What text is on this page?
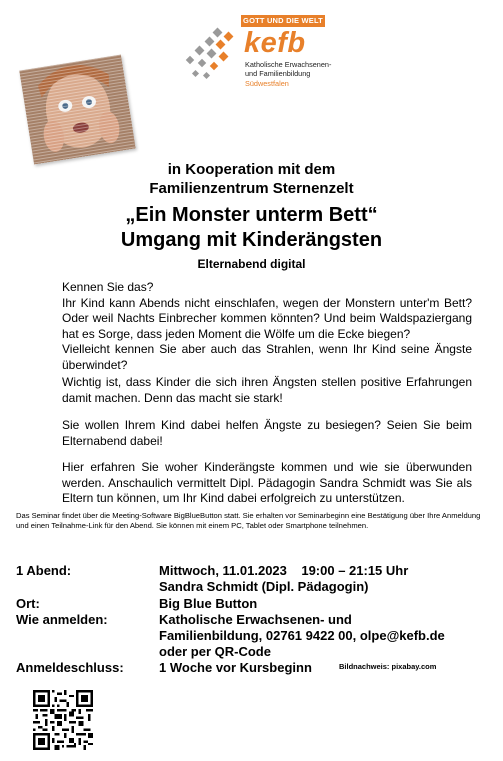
GOTT UND DIE WELT
kefb
Katholische Erwachsenen-
und Familienbildung
Südwestfalen
in Kooperation mit dem
Familienzentrum Sternenzelt
„Ein Monster unterm Bett“
Umgang mit Kinderängsten
Elternabend digital

Kennen Sie das?
Ihr Kind kann Abends nicht einschlafen, wegen der Monstern unter'm Bett? Oder weil Nachts Einbrecher kommen könnten? Und beim Waldspaziergang hat es Sorge, dass jeden Moment die Wölfe um die Ecke biegen?
Vielleicht kennen Sie aber auch das Strahlen, wenn Ihr Kind seine Ängste überwindet?

Wichtig ist, dass Kinder die sich ihren Ängsten stellen positive Erfahrungen damit machen. Denn das macht sie stark!

Sie wollen Ihrem Kind dabei helfen Ängste zu besiegen? Seien Sie beim Elternabend dabei!

Hier erfahren Sie woher Kinderängste kommen und wie sie überwunden werden. Anschaulich vermittelt Dipl. Pädagogin Sandra Schmidt was Sie als Eltern tun können, um Ihr Kind dabei erfolgreich zu unterstützen.

Das Seminar findet über die Meeting-Software BigBlueButton statt. Sie erhalten vor Seminarbeginn eine Bestätigung über Ihre Anmeldung und einen Teilnahme-Link für den Abend. Sie können mit einem PC, Tablet oder Smartphone teilnehmen.
1 Abend:	Mittwoch, 11.01.2023    19:00 – 21:15 Uhr
Sandra Schmidt (Dipl. Pädagogin)
Ort:	Big Blue Button
Wie anmelden:	Katholische Erwachsenen- und
Familienbildung, 02761 9422 00, olpe@kefb.de
oder per QR-Code
Anmeldeschluss:	1 Woche vor Kursbeginn	Bildnachweis: pixabay.com
